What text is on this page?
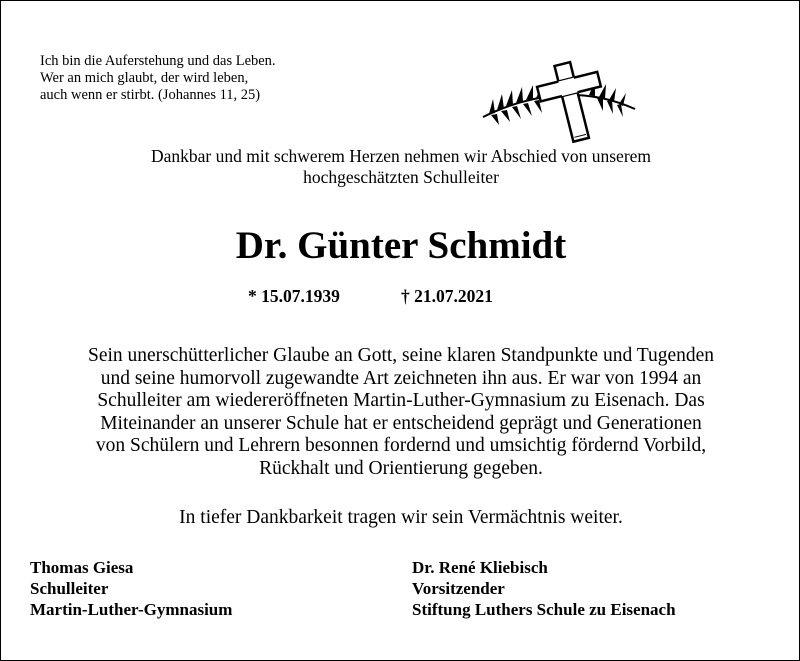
Ich bin die Auferstehung und das Leben.
Wer an mich glaubt, der wird leben,
auch wenn er stirbt. (Johannes 11, 25)
Dankbar und mit schwerem Herzen nehmen wir Abschied von unserem
hochgeschätzten Schulleiter
Dr. Günter Schmidt
* 15.07.1939	† 21.07.2021
Sein unerschütterlicher Glaube an Gott, seine klaren Standpunkte und Tugenden
und seine humorvoll zugewandte Art zeichneten ihn aus. Er war von 1994 an
Schulleiter am wiedereröffneten Martin-Luther-Gymnasium zu Eisenach. Das
Miteinander an unserer Schule hat er entscheidend geprägt und Generationen
von Schülern und Lehrern besonnen fordernd und umsichtig fördernd Vorbild,
Rückhalt und Orientierung gegeben.
In tiefer Dankbarkeit tragen wir sein Vermächtnis weiter.
Thomas Giesa
Schulleiter
Martin-Luther-Gymnasium
Dr. René Kliebisch
Vorsitzender
Stiftung Luthers Schule zu Eisenach
